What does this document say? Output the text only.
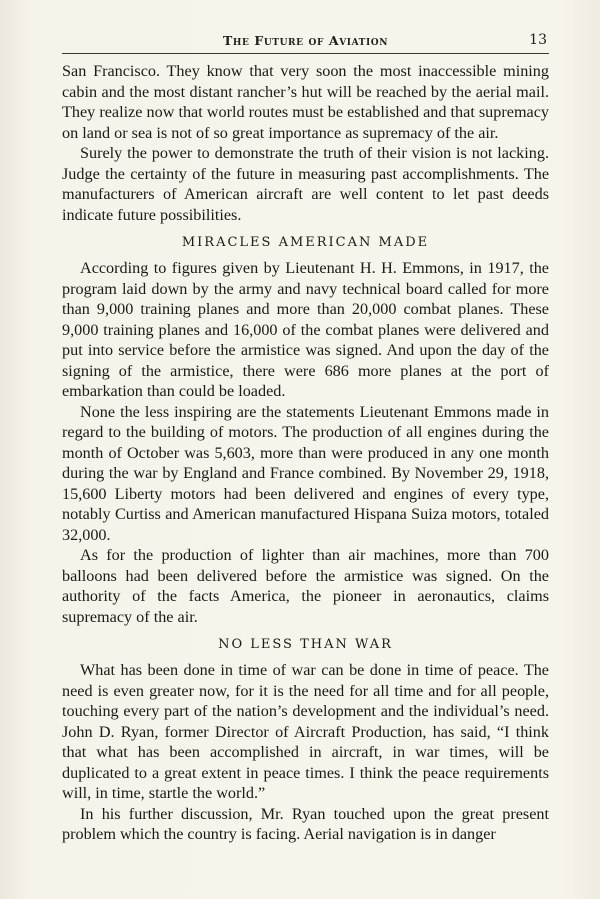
The Future of Aviation	13

San Francisco. They know that very soon the most inaccessible mining cabin and the most distant rancher’s hut will be reached by the aerial mail. They realize now that world routes must be established and that supremacy on land or sea is not of so great importance as supremacy of the air.

Surely the power to demonstrate the truth of their vision is not lacking. Judge the certainty of the future in measuring past accomplishments. The manufacturers of American aircraft are well content to let past deeds indicate future possibilities.

MIRACLES AMERICAN MADE

According to figures given by Lieutenant H. H. Emmons, in 1917, the program laid down by the army and navy technical board called for more than 9,000 training planes and more than 20,000 combat planes. These 9,000 training planes and 16,000 of the combat planes were delivered and put into service before the armistice was signed. And upon the day of the signing of the armistice, there were 686 more planes at the port of embarkation than could be loaded.

None the less inspiring are the statements Lieutenant Emmons made in regard to the building of motors. The production of all engines during the month of October was 5,603, more than were produced in any one month during the war by England and France combined. By November 29, 1918, 15,600 Liberty motors had been delivered and engines of every type, notably Curtiss and American manufactured Hispana Suiza motors, totaled 32,000.

As for the production of lighter than air machines, more than 700 balloons had been delivered before the armistice was signed. On the authority of the facts America, the pioneer in aeronautics, claims supremacy of the air.

NO LESS THAN WAR

What has been done in time of war can be done in time of peace. The need is even greater now, for it is the need for all time and for all people, touching every part of the nation’s development and the individual’s need. John D. Ryan, former Director of Aircraft Production, has said, “I think that what has been accomplished in aircraft, in war times, will be duplicated to a great extent in peace times. I think the peace requirements will, in time, startle the world.”

In his further discussion, Mr. Ryan touched upon the great present problem which the country is facing. Aerial navigation is in danger
